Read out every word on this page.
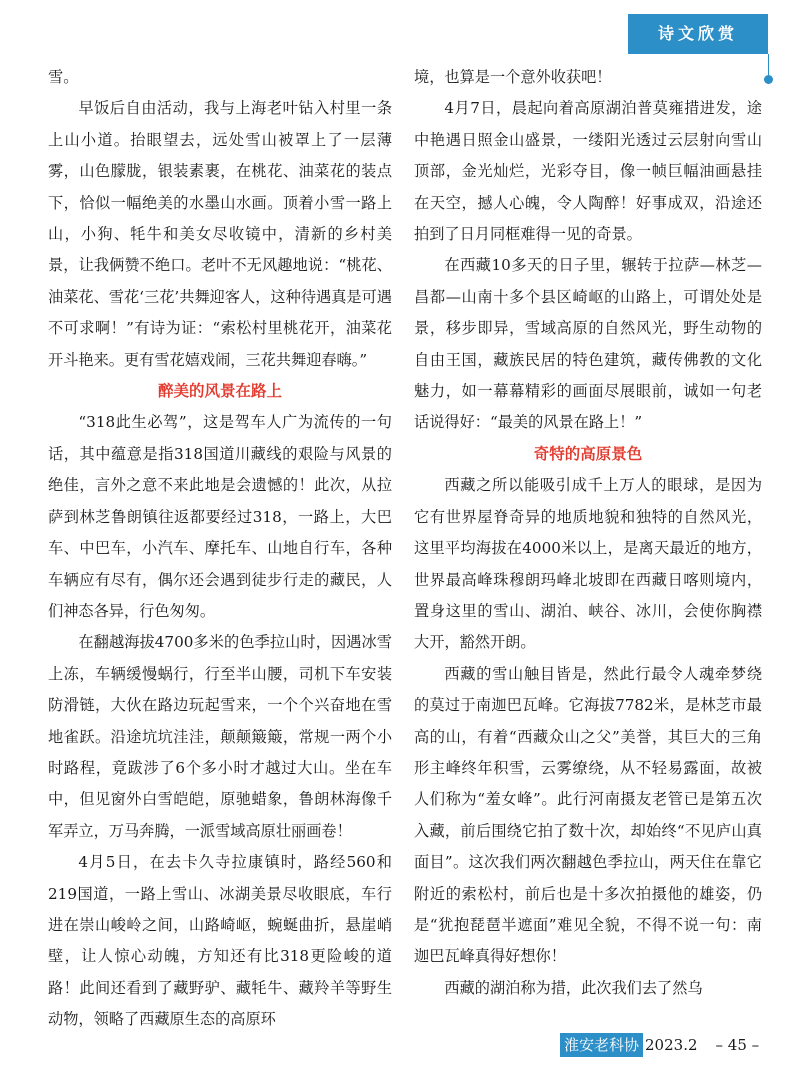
诗文欣赏

雪。

早饭后自由活动，我与上海老叶钻入村里一条上山小道。抬眼望去，远处雪山被罩上了一层薄雾，山色朦胧，银装素裹，在桃花、油菜花的装点下，恰似一幅绝美的水墨山水画。顶着小雪一路上山，小狗、牦牛和美女尽收镜中，清新的乡村美景，让我俩赞不绝口。老叶不无风趣地说：“桃花、油菜花、雪花‘三花’共舞迎客人，这种待遇真是可遇不可求啊！”有诗为证：“索松村里桃花开，油菜花开斗艳来。更有雪花嬉戏闹，三花共舞迎春嗨。”

醉美的风景在路上

“318此生必驾”，这是驾车人广为流传的一句话，其中蕴意是指318国道川藏线的艰险与风景的绝佳，言外之意不来此地是会遗憾的！此次，从拉萨到林芝鲁朗镇往返都要经过318，一路上，大巴车、中巴车，小汽车、摩托车、山地自行车，各种车辆应有尽有，偶尔还会遇到徒步行走的藏民，人们神态各异，行色匆匆。

在翻越海拔4700多米的色季拉山时，因遇冰雪上冻，车辆缓慢蜗行，行至半山腰，司机下车安装防滑链，大伙在路边玩起雪来，一个个兴奋地在雪地雀跃。沿途坑坑洼洼，颠颠簸簸，常规一两个小时路程，竟跋涉了6个多小时才越过大山。坐在车中，但见窗外白雪皑皑，原驰蜡象，鲁朗林海像千军弄立，万马奔腾，一派雪域高原壮丽画卷！

4月5日，在去卡久寺拉康镇时，路经560和219国道，一路上雪山、冰湖美景尽收眼底，车行进在崇山峻岭之间，山路崎岖，蜿蜒曲折，悬崖峭壁，让人惊心动魄，方知还有比318更险峻的道路！此间还看到了藏野驴、藏牦牛、藏羚羊等野生动物，领略了西藏原生态的高原环

境，也算是一个意外收获吧！

4月7日，晨起向着高原湖泊普莫雍措进发，途中艳遇日照金山盛景，一缕阳光透过云层射向雪山顶部，金光灿烂，光彩夺目，像一帧巨幅油画悬挂在天空，撼人心魄，令人陶醉！好事成双，沿途还拍到了日月同框难得一见的奇景。

在西藏10多天的日子里，辗转于拉萨—林芝—昌都—山南十多个县区崎岖的山路上，可谓处处是景，移步即异，雪域高原的自然风光，野生动物的自由王国，藏族民居的特色建筑，藏传佛教的文化魅力，如一幕幕精彩的画面尽展眼前，诚如一句老话说得好：“最美的风景在路上！”

奇特的高原景色

西藏之所以能吸引成千上万人的眼球，是因为它有世界屋脊奇异的地质地貌和独特的自然风光，这里平均海拔在4000米以上，是离天最近的地方，世界最高峰珠穆朗玛峰北坡即在西藏日喀则境内，置身这里的雪山、湖泊、峡谷、冰川，会使你胸襟大开，豁然开朗。

西藏的雪山触目皆是，然此行最令人魂牵梦绕的莫过于南迦巴瓦峰。它海拔7782米，是林芝市最高的山，有着“西藏众山之父”美誉，其巨大的三角形主峰终年积雪，云雾缭绕，从不轻易露面，故被人们称为“羞女峰”。此行河南摄友老管已是第五次入藏，前后围绕它拍了数十次，却始终“不见庐山真面目”。这次我们两次翻越色季拉山，两天住在靠它附近的索松村，前后也是十多次拍摄他的雄姿，仍是“犹抱琵琶半遮面”难见全貌，不得不说一句：南迦巴瓦峰真得好想你！

西藏的湖泊称为措，此次我们去了然乌

淮安老科协 2023.2 – 45 –
